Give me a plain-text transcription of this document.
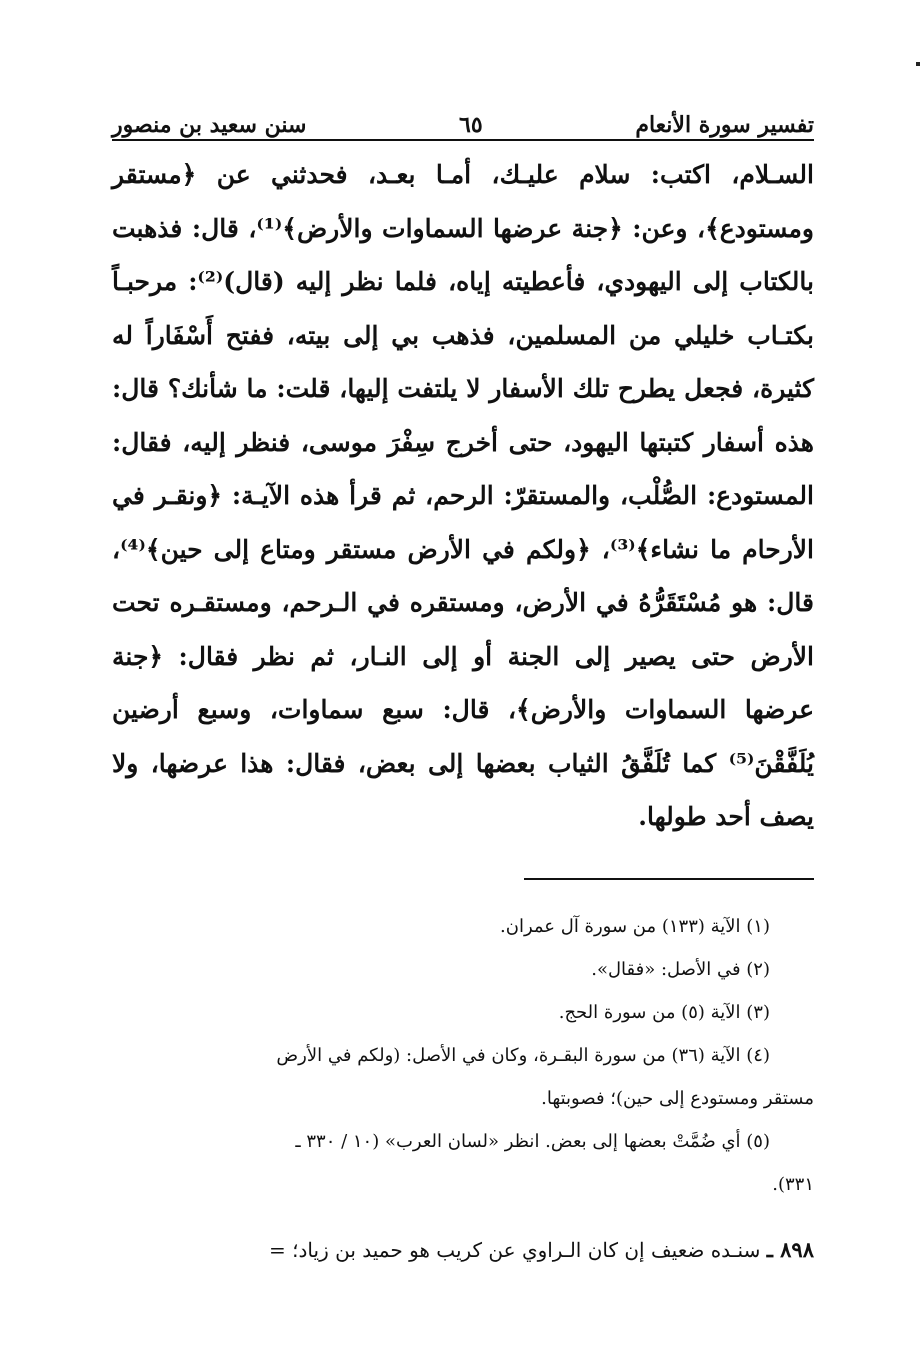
تفسير سورة الأنعام
٦٥
سنن سعيد بن منصور

السـلام، اكتب: سلام عليـك، أمـا بعـد، فحدثني عن ﴿مستقر ومستودع﴾، وعن: ﴿جنة عرضها السماوات والأرض﴾⁽¹⁾، قال: فذهبت بالكتاب إلى اليهودي، فأعطيته إياه، فلما نظر إليه (قال)⁽²⁾: مرحبـاً بكتـاب خليلي من المسلمين، فذهب بي إلى بيته، ففتح أَسْفَاراً له كثيرة، فجعل يطرح تلك الأسفار لا يلتفت إليها، قلت: ما شأنك؟ قال: هذه أسفار كتبتها اليهود، حتى أخرج سِفْرَ موسى، فنظر إليه، فقال: المستودع: الصُّلْب، والمستقرّ: الرحم، ثم قرأ هذه الآيـة: ﴿ونقـر في الأرحام ما نشاء﴾⁽³⁾، ﴿ولكم في الأرض مستقر ومتاع إلى حين﴾⁽⁴⁾، قال: هو مُسْتَقَرُّهُ في الأرض، ومستقره في الـرحم، ومستقـره تحت الأرض حتى يصير إلى الجنة أو إلى النـار، ثم نظر فقال: ﴿جنة عرضها السماوات والأرض﴾، قال: سبع سماوات، وسبع أرضين يُلَفَّقْنَ⁽⁵⁾ كما تُلَفَّقُ الثياب بعضها إلى بعض، فقال: هذا عرضها، ولا يصف أحد طولها.

(١) الآية (١٣٣) من سورة آل عمران.

(٢) في الأصل: «فقال».

(٣) الآية (٥) من سورة الحج.

(٤) الآية (٣٦) من سورة البقـرة، وكان في الأصل: (ولكم في الأرض

مستقر ومستودع إلى حين)؛ فصوبتها.

(٥) أي ضُمَّتْ بعضها إلى بعض. انظر «لسان العرب» (١٠ / ٣٣٠ ـ

٣٣١).

٨٩٨ ـ سنـده ضعيف إن كان الـراوي عن كريب هو حميد بن زياد؛ =
